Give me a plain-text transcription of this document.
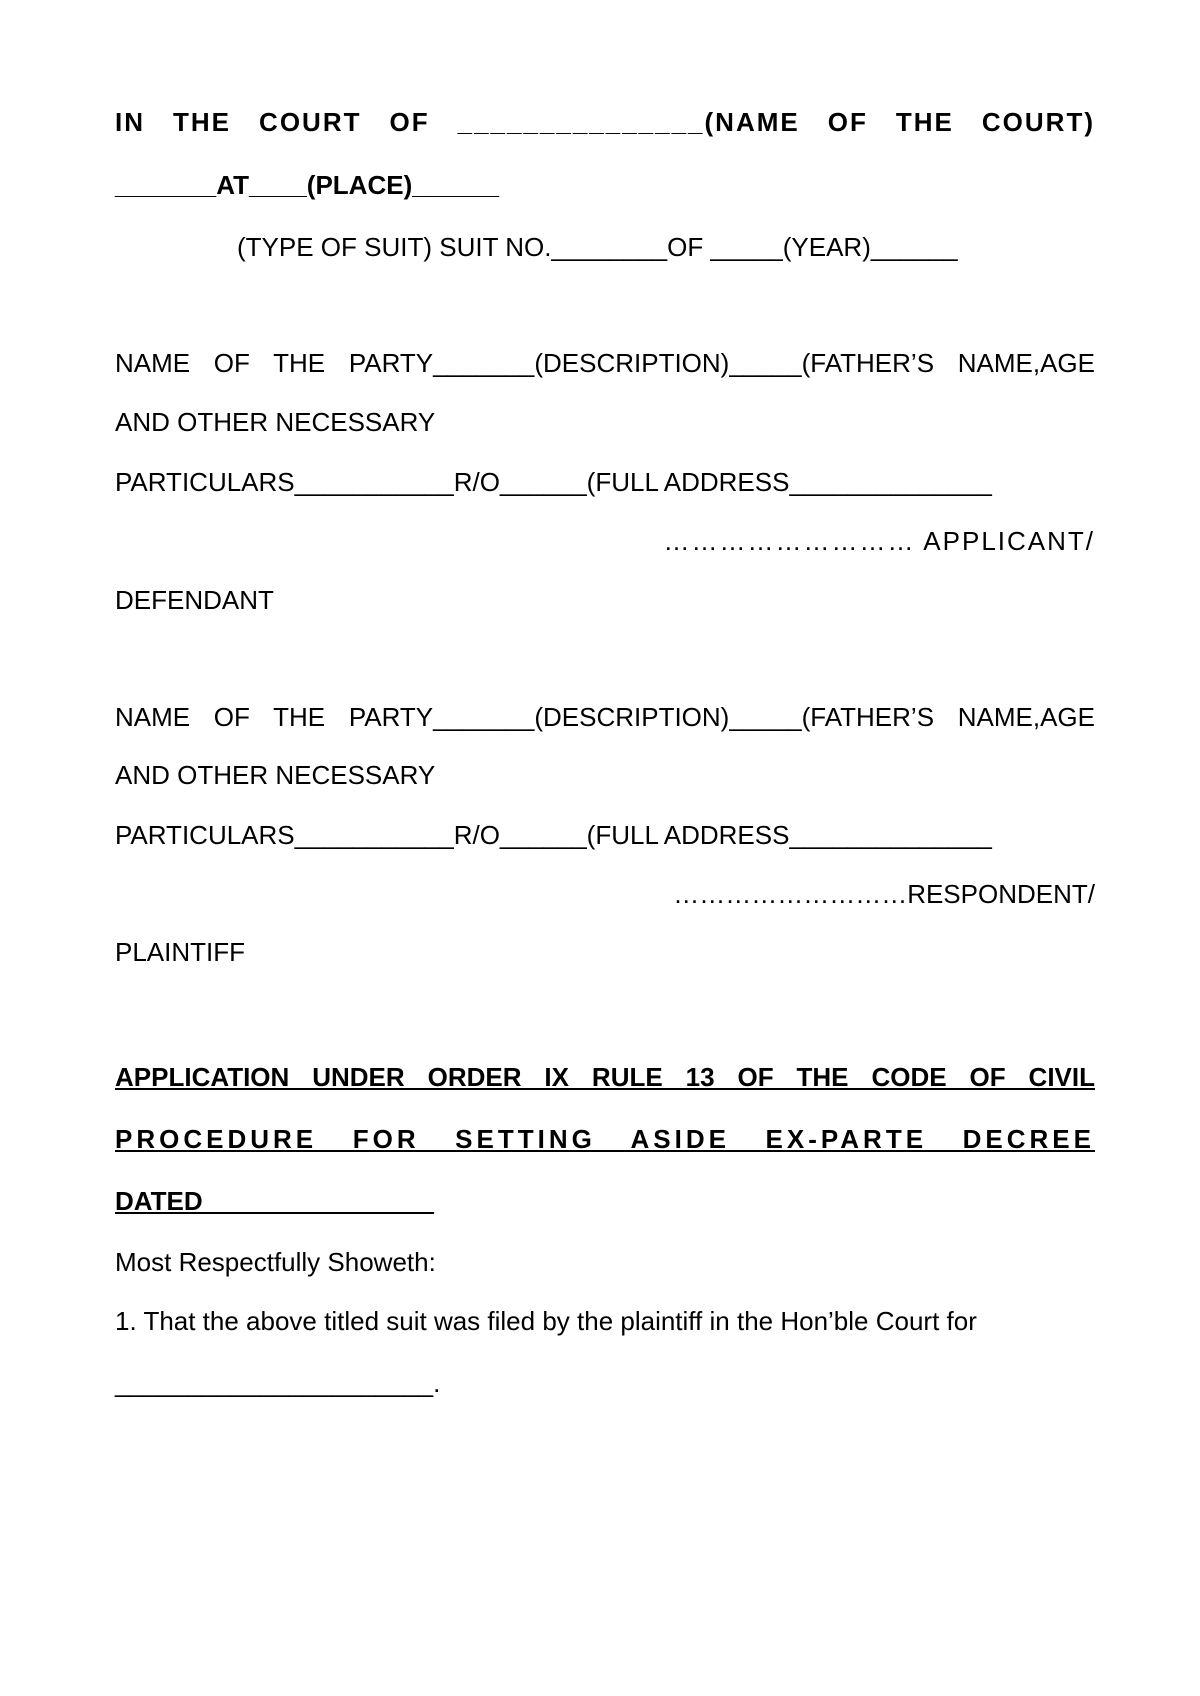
IN THE COURT OF _______________(NAME OF THE COURT)
_______AT____(PLACE)______
(TYPE OF SUIT) SUIT NO.________OF _____(YEAR)______
NAME OF THE PARTY_______(DESCRIPTION)_____(FATHER’S NAME,AGE
AND OTHER NECESSARY
PARTICULARS___________R/O______(FULL ADDRESS______________
……………………… APPLICANT/
DEFENDANT
NAME OF THE PARTY_______(DESCRIPTION)_____(FATHER’S NAME,AGE
AND OTHER NECESSARY
PARTICULARS___________R/O______(FULL ADDRESS______________
………………………RESPONDENT/
PLAINTIFF
APPLICATION UNDER ORDER IX RULE 13 OF THE CODE OF CIVIL
PROCEDURE FOR SETTING ASIDE EX-PARTE DECREE
DATED________________
Most Respectfully Showeth:
1. That the above titled suit was filed by the plaintiff in the Hon’ble Court for
______________________.
